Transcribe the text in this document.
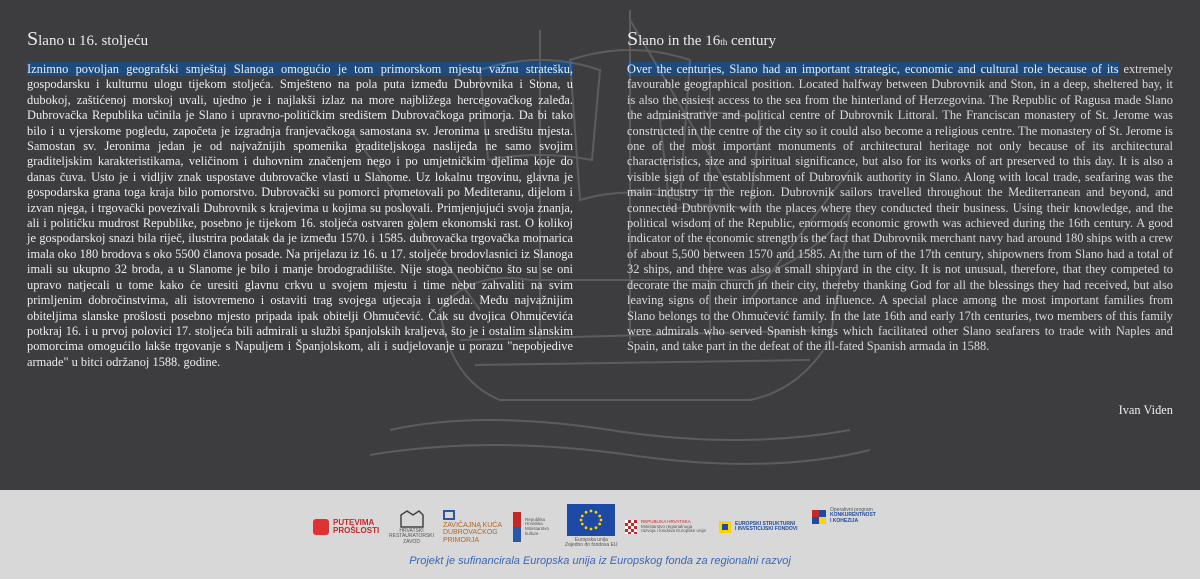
Slano u 16. stoljeću

Iznimno povoljan geografski smještaj Slanoga omogućio je tom primorskom mjestu važnu stratešku, gospodarsku i kulturnu ulogu tijekom stoljeća. Smješteno na pola puta između Dubrovnika i Stona, u dubokoj, zaštićenoj morskoj uvali, ujedno je i najlakši izlaz na more najbližega hercegovačkog zaleđa. Dubrovačka Republika učinila je Slano i upravno-političkim središtem Dubrovačkoga primorja. Da bi tako bilo i u vjerskome pogledu, započeta je izgradnja franjevačkoga samostana sv. Jeronima u središtu mjesta. Samostan sv. Jeronima jedan je od najvažnijih spomenika graditeljskoga naslijeđa ne samo svojim graditeljskim karakteristikama, veličinom i duhovnim značenjem nego i po umjetničkim djelima koje do danas čuva. Usto je i vidljiv znak uspostave dubrovačke vlasti u Slanome. Uz lokalnu trgovinu, glavna je gospodarska grana toga kraja bilo pomorstvo. Dubrovački su pomorci prometovali po Mediteranu, dijelom i izvan njega, i trgovački povezivali Dubrovnik s krajevima u kojima su poslovali. Primjenjujući svoja znanja, ali i političku mudrost Republike, posebno je tijekom 16. stoljeća ostvaren golem ekonomski rast. O kolikoj je gospodarskoj snazi bila riječ, ilustrira podatak da je između 1570. i 1585. dubrovačka trgovačka mornarica imala oko 180 brodova s oko 5500 članova posade. Na prijelazu iz 16. u 17. stoljeće brodovlasnici iz Slanoga imali su ukupno 32 broda, a u Slanome je bilo i manje brodogradilište. Nije stoga neobično što su se oni upravo natjecali u tome kako će uresiti glavnu crkvu u svojem mjestu i time nebu zahvaliti na svim primljenim dobročinstvima, ali istovremeno i ostaviti trag svojega utjecaja i ugleda. Među najvažnijim obiteljima slanske prošlosti posebno mjesto pripada ipak obitelji Ohmučević. Čak su dvojica Ohmučevića potkraj 16. i u prvoj polovici 17. stoljeća bili admirali u službi španjolskih kraljeva, što je i ostalim slanskim pomorcima omogućilo lakše trgovanje s Napuljem i Španjolskom, ali i sudjelovanje u porazu "nepobjedive armade" u bitci održanoj 1588. godine.

Slano in the 16th century

Over the centuries, Slano had an important strategic, economic and cultural role because of its extremely favourable geographical position. Located halfway between Dubrovnik and Ston, in a deep, sheltered bay, it is also the easiest access to the sea from the hinterland of Herzegovina. The Republic of Ragusa made Slano the administrative and political centre of Dubrovnik Littoral. The Franciscan monastery of St. Jerome was constructed in the centre of the city so it could also become a religious centre. The monastery of St. Jerome is one of the most important monuments of architectural heritage not only because of its architectural characteristics, size and spiritual significance, but also for its works of art preserved to this day. It is also a visible sign of the establishment of Dubrovnik authority in Slano. Along with local trade, seafaring was the main industry in the region. Dubrovnik sailors travelled throughout the Mediterranean and beyond, and connected Dubrovnik with the places where they conducted their business. Using their knowledge, and the political wisdom of the Republic, enormous economic growth was achieved during the 16th century. A good indicator of the economic strength is the fact that Dubrovnik merchant navy had around 180 ships with a crew of about 5,500 between 1570 and 1585. At the turn of the 17th century, shipowners from Slano had a total of 32 ships, and there was also a small shipyard in the city. It is not unusual, therefore, that they competed to decorate the main church in their city, thereby thanking God for all the blessings they had received, but also leaving signs of their importance and influence. A special place among the most important families from Slano belongs to the Ohmučević family. In the late 16th and early 17th centuries, two members of this family were admirals who served Spanish kings which facilitated other Slano seafarers to trade with Naples and Spain, and take part in the defeat of the ill-fated Spanish armada in 1588.

Ivan Viđen
PUTEVIMA
PROŠLOSTI	HRVATSKI
RESTAURATORSKI
ZAVOD
ZAVIČAJNA KUĆA
DUBROVAČKOG
PRIMORJA
Republika
Hrvatska
Ministarstvo
kulture
Europska unija
Zajedno do fondova EU
REPUBLIKA HRVATSKA
Ministarstvo regionalnoga
razvoja i fondova Europske unije
EUROPSKI STRUKTURNI
I INVESTICIJSKI FONDOVI
Operativni program
KONKURENTNOST
I KOHEZIJA
Projekt je sufinancirala Europska unija iz Europskog fonda za regionalni razvoj
